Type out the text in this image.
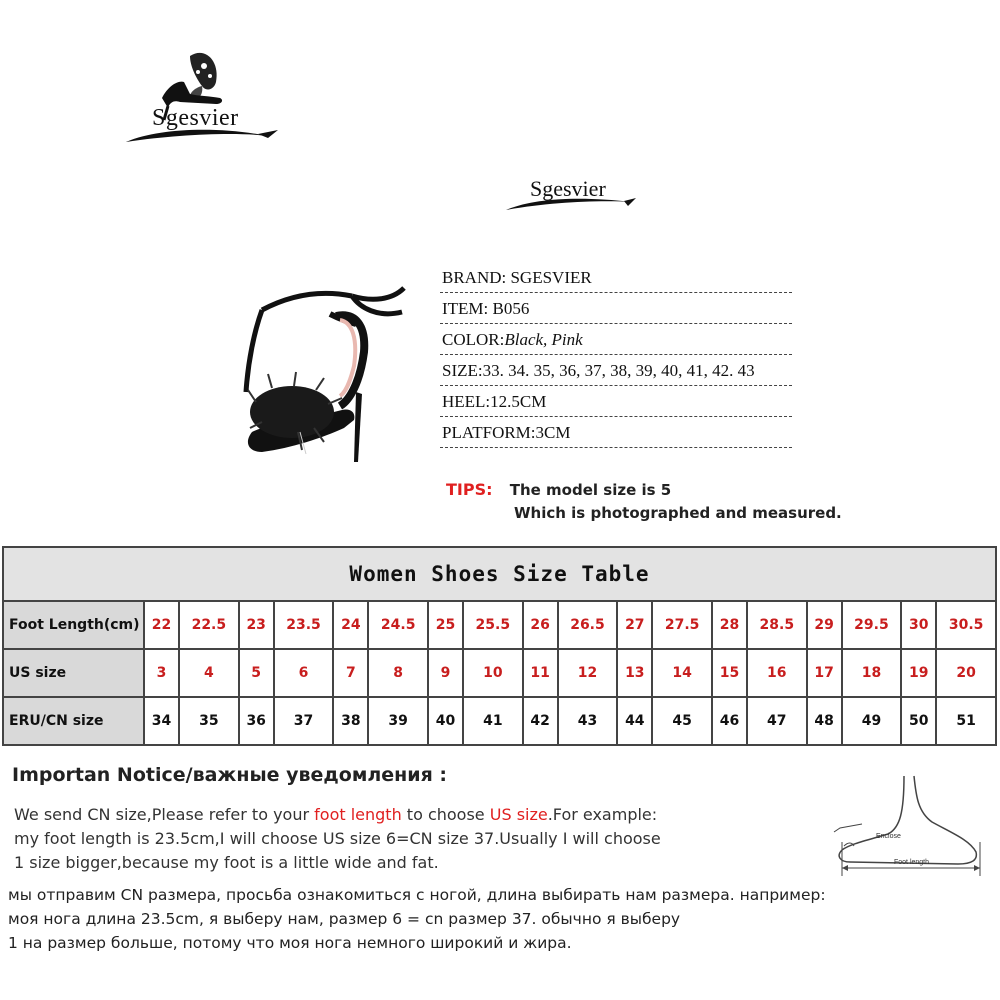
Sgesvier
Sgesvier
BRAND: SGESVIER
ITEM: B056
COLOR:Black, Pink
SIZE:33. 34. 35, 36, 37, 38, 39, 40, 41, 42. 43
HEEL:12.5CM
PLATFORM:3CM
TIPS: The model size is 5
Which is photographed and measured.
Women Shoes Size Table																		
Foot Length(cm)	22	22.5	23	23.5	24	24.5	25	25.5	26	26.5	27	27.5	28	28.5	29	29.5	30	30.5
US size	3	4	5	6	7	8	9	10	11	12	13	14	15	16	17	18	19	20
ERU/CN size	34	35	36	37	38	39	40	41	42	43	44	45	46	47	48	49	50	51
Importan Notice/важные уведомления :
We send CN size,Please refer to your foot length to choose US size.For example:
my foot length is 23.5cm,I will choose US size 6=CN size 37.Usually I will choose
1 size bigger,because my foot is a little wide and fat.
мы отправим CN размера, просьба ознакомиться с ногой, длина выбирать нам размера. например:
моя нога длина 23.5cm, я выберу нам, размер 6 = cn размер 37. обычно я выберу
1 на размер больше, потому что моя нога немного широкий и жира.
Enclose
Foot length
